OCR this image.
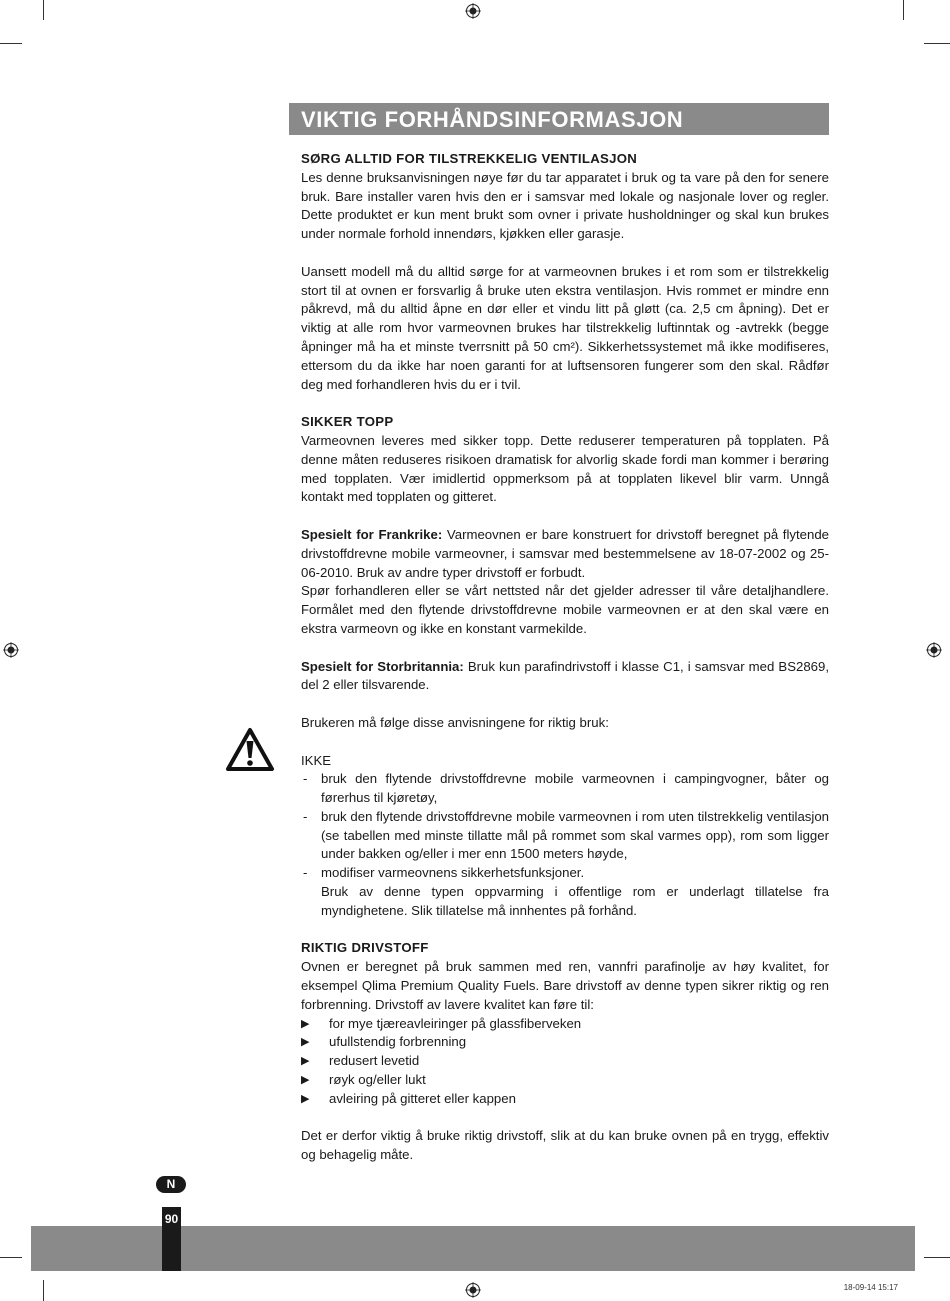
VIKTIG FORHÅNDSINFORMASJON

SØRG ALLTID FOR TILSTREKKELIG VENTILASJON

Les denne bruksanvisningen nøye før du tar apparatet i bruk og ta vare på den for senere bruk. Bare installer varen hvis den er i samsvar med lokale og nasjonale lover og regler. Dette produktet er kun ment brukt som ovner i private husholdninger og skal kun brukes under normale forhold innendørs, kjøkken eller garasje.

Uansett modell må du alltid sørge for at varmeovnen brukes i et rom som er tilstrekkelig stort til at ovnen er forsvarlig å bruke uten ekstra ventilasjon. Hvis rommet er mindre enn påkrevd, må du alltid åpne en dør eller et vindu litt på gløtt (ca. 2,5 cm åpning). Det er viktig at alle rom hvor varmeovnen brukes har tilstrekkelig luftinntak og -avtrekk (begge åpninger må ha et minste tverrsnitt på 50 cm²). Sikkerhetssystemet må ikke modifiseres, ettersom du da ikke har noen garanti for at luftsensoren fungerer som den skal. Rådfør deg med forhandleren hvis du er i tvil.

SIKKER TOPP

Varmeovnen leveres med sikker topp. Dette reduserer temperaturen på topplaten. På denne måten reduseres risikoen dramatisk for alvorlig skade fordi man kommer i berøring med topplaten. Vær imidlertid oppmerksom på at topplaten likevel blir varm. Unngå kontakt med topplaten og gitteret.

Spesielt for Frankrike: Varmeovnen er bare konstruert for drivstoff beregnet på flytende drivstoffdrevne mobile varmeovner, i samsvar med bestemmelsene av 18-07-2002 og 25-06-2010. Bruk av andre typer drivstoff er forbudt.

Spør forhandleren eller se vårt nettsted når det gjelder adresser til våre detaljhandlere. Formålet med den flytende drivstoffdrevne mobile varmeovnen er at den skal være en ekstra varmeovn og ikke en konstant varmekilde.

Spesielt for Storbritannia: Bruk kun parafindrivstoff i klasse C1, i samsvar med BS2869, del 2 eller tilsvarende.

Brukeren må følge disse anvisningene for riktig bruk:

IKKE

-	bruk den flytende drivstoffdrevne mobile varmeovnen i campingvogner, båter og førerhus til kjøretøy,
-	bruk den flytende drivstoffdrevne mobile varmeovnen i rom uten tilstrekkelig ventilasjon (se tabellen med minste tillatte mål på rommet som skal varmes opp), rom som ligger under bakken og/eller i mer enn 1500 meters høyde,
-	modifiser varmeovnens sikkerhetsfunksjoner.

Bruk av denne typen oppvarming i offentlige rom er underlagt tillatelse fra myndighetene. Slik tillatelse må innhentes på forhånd.

RIKTIG DRIVSTOFF

Ovnen er beregnet på bruk sammen med ren, vannfri parafinolje av høy kvalitet, for eksempel Qlima Premium Quality Fuels. Bare drivstoff av denne typen sikrer riktig og ren forbrenning. Drivstoff av lavere kvalitet kan føre til:

▶	for mye tjæreavleiringer på glassfiberveken
▶	ufullstendig forbrenning
▶	redusert levetid
▶	røyk og/eller lukt
▶	avleiring på gitteret eller kappen

Det er derfor viktig å bruke riktig drivstoff, slik at du kan bruke ovnen på en trygg, effektiv og behagelig måte.

N
90
18-09-14 15:17
